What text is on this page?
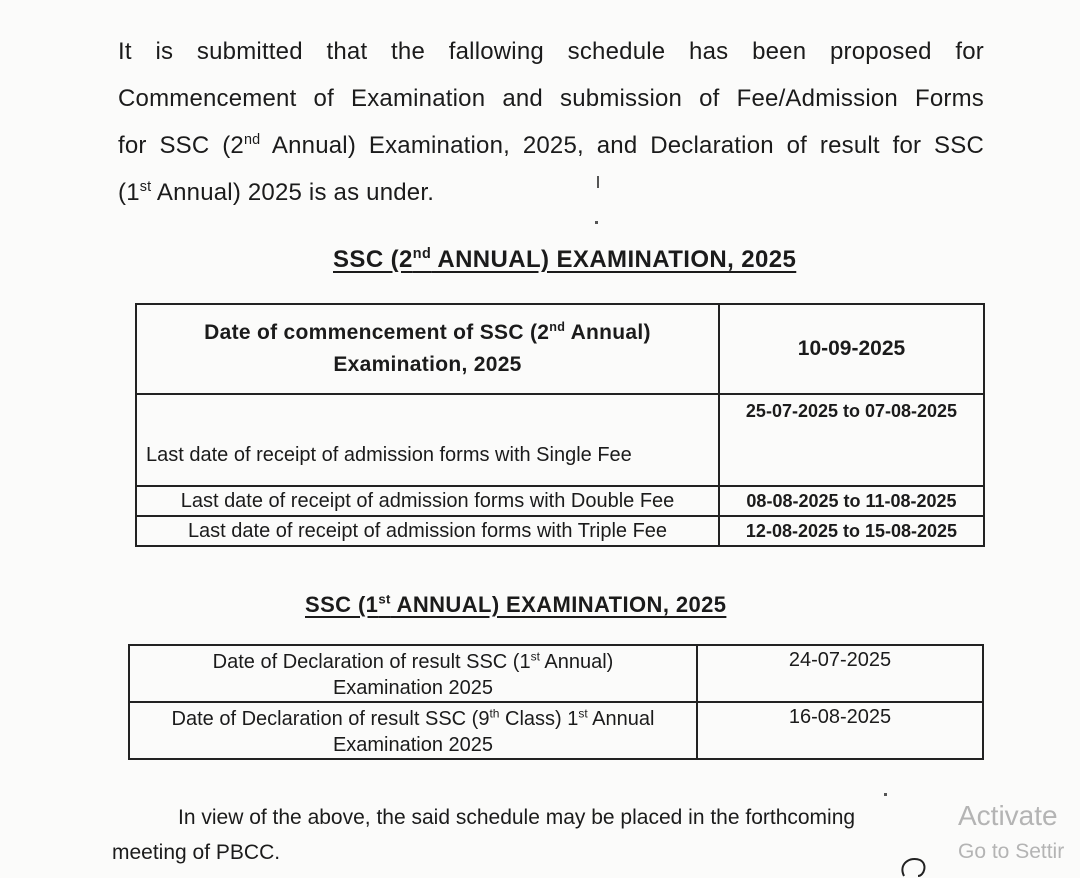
It is submitted that the fallowing schedule has been proposed for
Commencement of Examination and submission of Fee/Admission Forms
for SSC (2nd Annual) Examination, 2025, and Declaration of result for SSC
(1st Annual) 2025 is as under.
SSC (2nd ANNUAL) EXAMINATION, 2025
Date of commencement of SSC (2nd Annual)
Examination, 2025	10-09-2025
Last date of receipt of admission forms with Single Fee	25-07-2025 to 07-08-2025
Last date of receipt of admission forms with Double Fee	08-08-2025 to 11-08-2025
Last date of receipt of admission forms with Triple Fee	12-08-2025 to 15-08-2025
SSC (1st ANNUAL) EXAMINATION, 2025
Date of Declaration of result SSC (1st Annual)
Examination 2025	24-07-2025
Date of Declaration of result SSC (9th Class) 1st Annual
Examination 2025	16-08-2025
In view of the above, the said schedule may be placed in the forthcoming
meeting of PBCC.
Activate
Go to Settir
